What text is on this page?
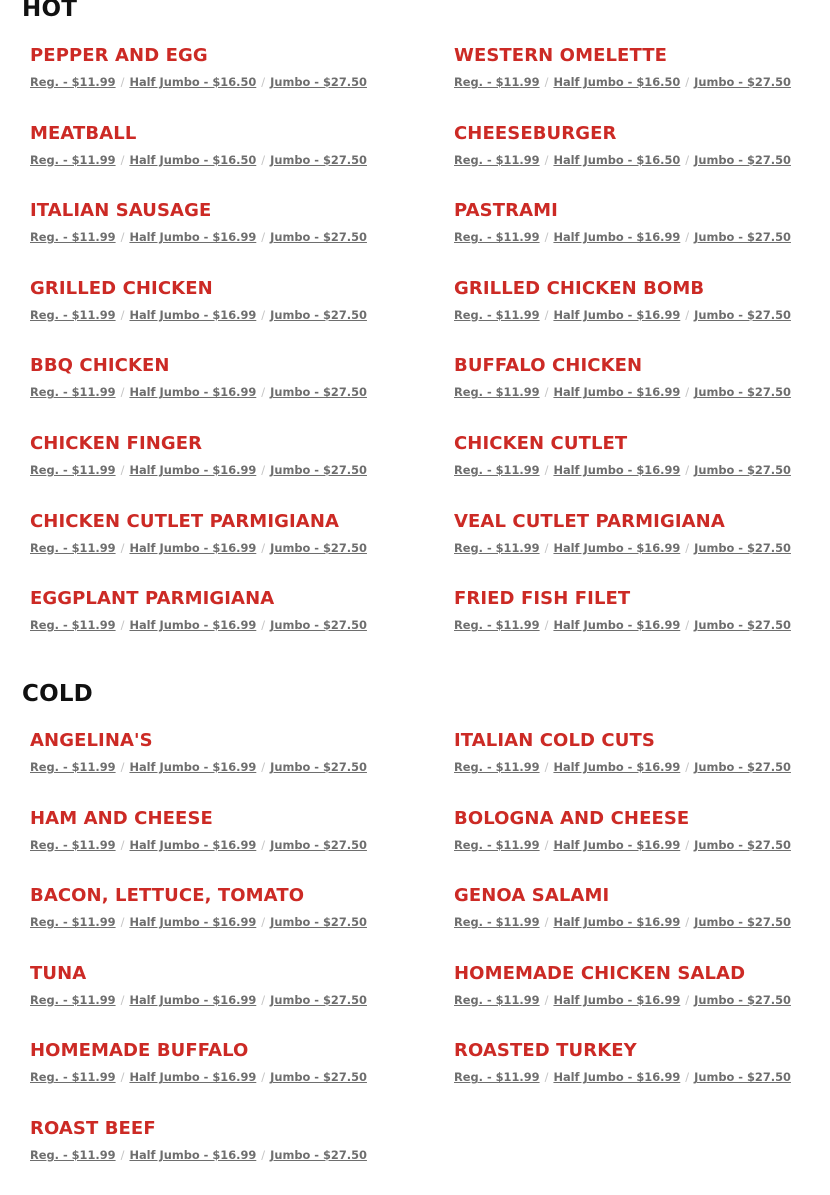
HOT
PEPPER AND EGG
Reg. - $11.99 / Half Jumbo - $16.50 / Jumbo - $27.50
WESTERN OMELETTE
Reg. - $11.99 / Half Jumbo - $16.50 / Jumbo - $27.50
MEATBALL
Reg. - $11.99 / Half Jumbo - $16.50 / Jumbo - $27.50
CHEESEBURGER
Reg. - $11.99 / Half Jumbo - $16.50 / Jumbo - $27.50
ITALIAN SAUSAGE
Reg. - $11.99 / Half Jumbo - $16.99 / Jumbo - $27.50
PASTRAMI
Reg. - $11.99 / Half Jumbo - $16.99 / Jumbo - $27.50
GRILLED CHICKEN
Reg. - $11.99 / Half Jumbo - $16.99 / Jumbo - $27.50
GRILLED CHICKEN BOMB
Reg. - $11.99 / Half Jumbo - $16.99 / Jumbo - $27.50
BBQ CHICKEN
Reg. - $11.99 / Half Jumbo - $16.99 / Jumbo - $27.50
BUFFALO CHICKEN
Reg. - $11.99 / Half Jumbo - $16.99 / Jumbo - $27.50
CHICKEN FINGER
Reg. - $11.99 / Half Jumbo - $16.99 / Jumbo - $27.50
CHICKEN CUTLET
Reg. - $11.99 / Half Jumbo - $16.99 / Jumbo - $27.50
CHICKEN CUTLET PARMIGIANA
Reg. - $11.99 / Half Jumbo - $16.99 / Jumbo - $27.50
VEAL CUTLET PARMIGIANA
Reg. - $11.99 / Half Jumbo - $16.99 / Jumbo - $27.50
EGGPLANT PARMIGIANA
Reg. - $11.99 / Half Jumbo - $16.99 / Jumbo - $27.50
FRIED FISH FILET
Reg. - $11.99 / Half Jumbo - $16.99 / Jumbo - $27.50
COLD
ANGELINA'S
Reg. - $11.99 / Half Jumbo - $16.99 / Jumbo - $27.50
ITALIAN COLD CUTS
Reg. - $11.99 / Half Jumbo - $16.99 / Jumbo - $27.50
HAM AND CHEESE
Reg. - $11.99 / Half Jumbo - $16.99 / Jumbo - $27.50
BOLOGNA AND CHEESE
Reg. - $11.99 / Half Jumbo - $16.99 / Jumbo - $27.50
BACON, LETTUCE, TOMATO
Reg. - $11.99 / Half Jumbo - $16.99 / Jumbo - $27.50
GENOA SALAMI
Reg. - $11.99 / Half Jumbo - $16.99 / Jumbo - $27.50
TUNA
Reg. - $11.99 / Half Jumbo - $16.99 / Jumbo - $27.50
HOMEMADE CHICKEN SALAD
Reg. - $11.99 / Half Jumbo - $16.99 / Jumbo - $27.50
HOMEMADE BUFFALO
Reg. - $11.99 / Half Jumbo - $16.99 / Jumbo - $27.50
ROASTED TURKEY
Reg. - $11.99 / Half Jumbo - $16.99 / Jumbo - $27.50
ROAST BEEF
Reg. - $11.99 / Half Jumbo - $16.99 / Jumbo - $27.50
